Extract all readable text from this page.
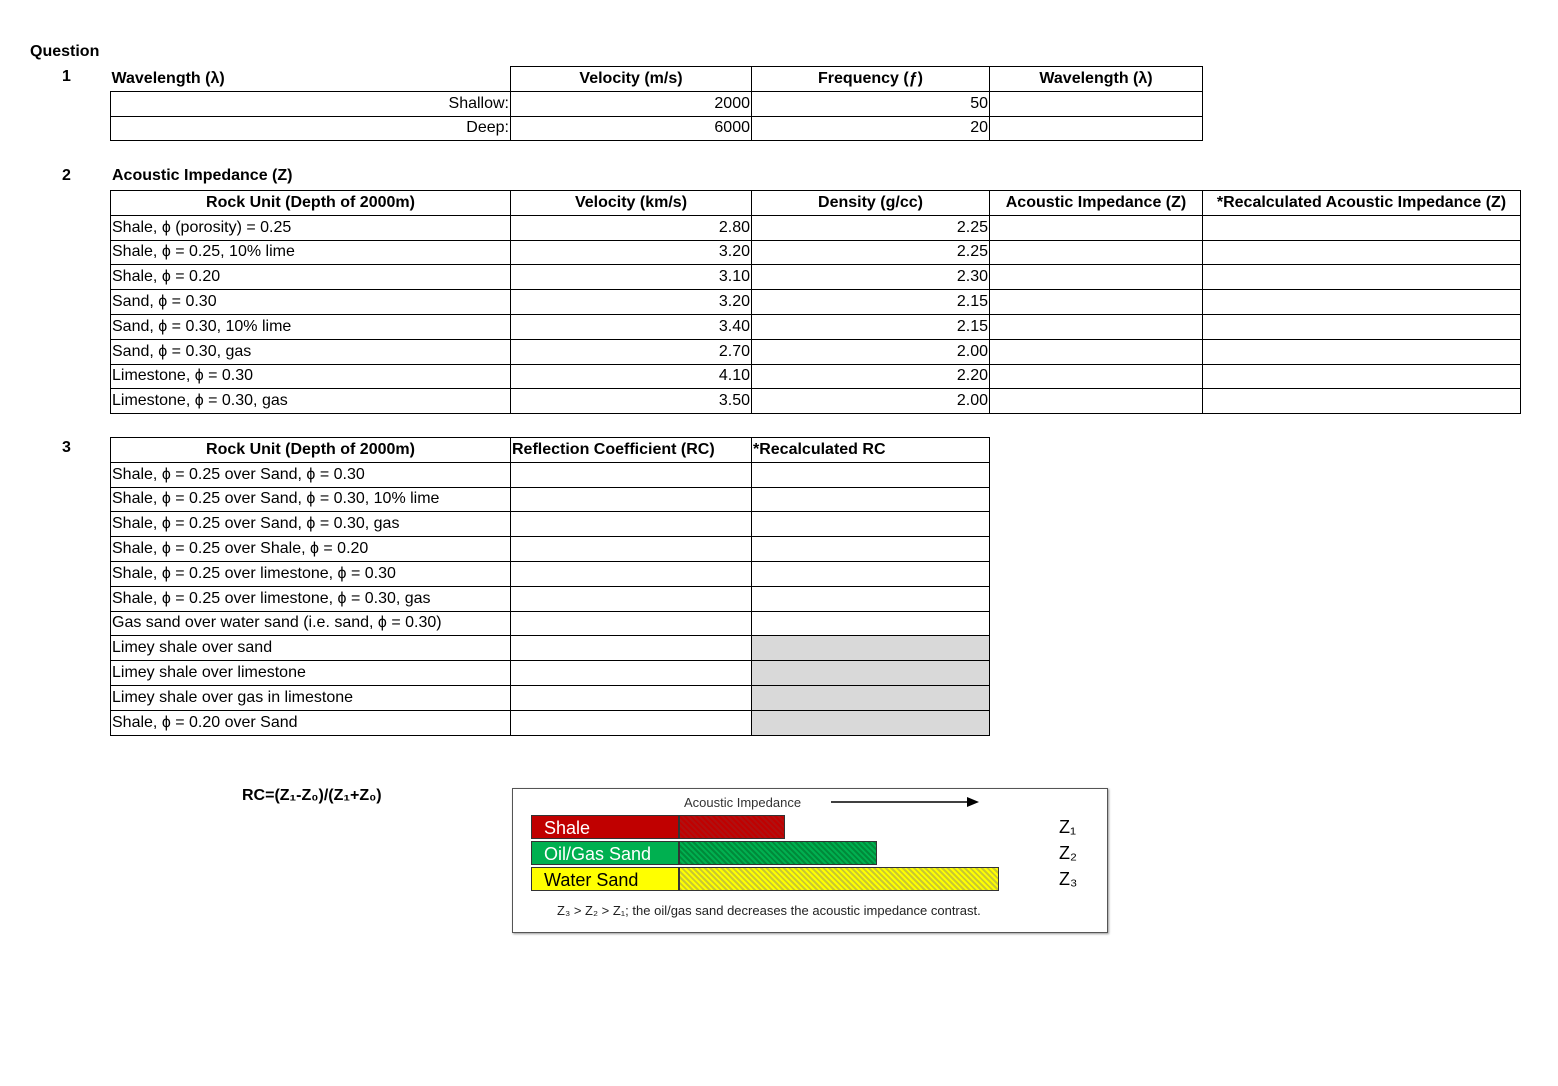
Question
1	Wavelength (λ)	Velocity (m/s)	Frequency (ƒ)	Wavelength (λ)
Shallow:	2000	50	
Deep:	6000	20	
2	Acoustic Impedance (Z)
Rock Unit (Depth of 2000m)	Velocity (km/s)	Density (g/cc)	Acoustic Impedance (Z)	*Recalculated Acoustic Impedance (Z)
Shale, ϕ (porosity) = 0.25	2.80	2.25		
Shale, ϕ = 0.25, 10% lime	3.20	2.25		
Shale, ϕ = 0.20	3.10	2.30		
Sand, ϕ = 0.30	3.20	2.15		
Sand, ϕ = 0.30, 10% lime	3.40	2.15		
Sand, ϕ = 0.30, gas	2.70	2.00		
Limestone, ϕ = 0.30	4.10	2.20		
Limestone, ϕ = 0.30, gas	3.50	2.00		
3	Rock Unit (Depth of 2000m)	Reflection Coefficient (RC)	*Recalculated RC
Shale, ϕ = 0.25 over Sand, ϕ = 0.30		
Shale, ϕ = 0.25 over Sand, ϕ = 0.30, 10% lime		
Shale, ϕ = 0.25 over Sand, ϕ = 0.30, gas		
Shale, ϕ = 0.25 over Shale, ϕ = 0.20		
Shale, ϕ = 0.25 over limestone, ϕ = 0.30		
Shale, ϕ = 0.25 over limestone, ϕ = 0.30, gas		
Gas sand over water sand (i.e. sand, ϕ = 0.30)		
Limey shale over sand		
Limey shale over limestone		
Limey shale over gas in limestone		
Shale, ϕ = 0.20 over Sand		
RC=(Z₁-Z₀)/(Z₁+Z₀)	Acoustic Impedance
Shale	Z₁
Oil/Gas Sand	Z₂
Water Sand	Z₃
Z₃ > Z₂ > Z₁; the oil/gas sand decreases the acoustic impedance contrast.
